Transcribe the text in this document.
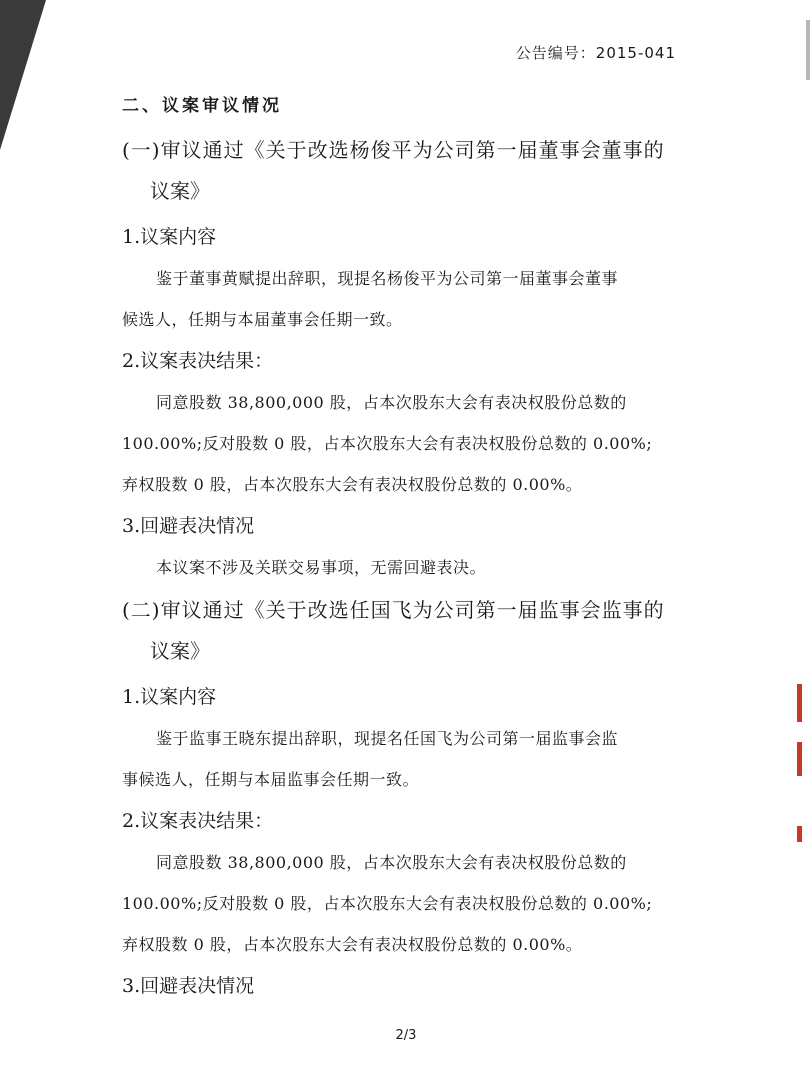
公告编号：2015-041

二、议案审议情况

(一)审议通过《关于改选杨俊平为公司第一届董事会董事的

议案》

1.议案内容

鉴于董事黄赋提出辞职，现提名杨俊平为公司第一届董事会董事

候选人，任期与本届董事会任期一致。

2.议案表决结果：

同意股数 38,800,000 股，占本次股东大会有表决权股份总数的

100.00%;反对股数 0 股，占本次股东大会有表决权股份总数的 0.00%;

弃权股数 0 股，占本次股东大会有表决权股份总数的 0.00%。

3.回避表决情况

本议案不涉及关联交易事项，无需回避表决。

(二)审议通过《关于改选任国飞为公司第一届监事会监事的

议案》

1.议案内容

鉴于监事王晓东提出辞职，现提名任国飞为公司第一届监事会监

事候选人，任期与本届监事会任期一致。

2.议案表决结果：

同意股数 38,800,000 股，占本次股东大会有表决权股份总数的

100.00%;反对股数 0 股，占本次股东大会有表决权股份总数的 0.00%;

弃权股数 0 股，占本次股东大会有表决权股份总数的 0.00%。

3.回避表决情况

2/3
